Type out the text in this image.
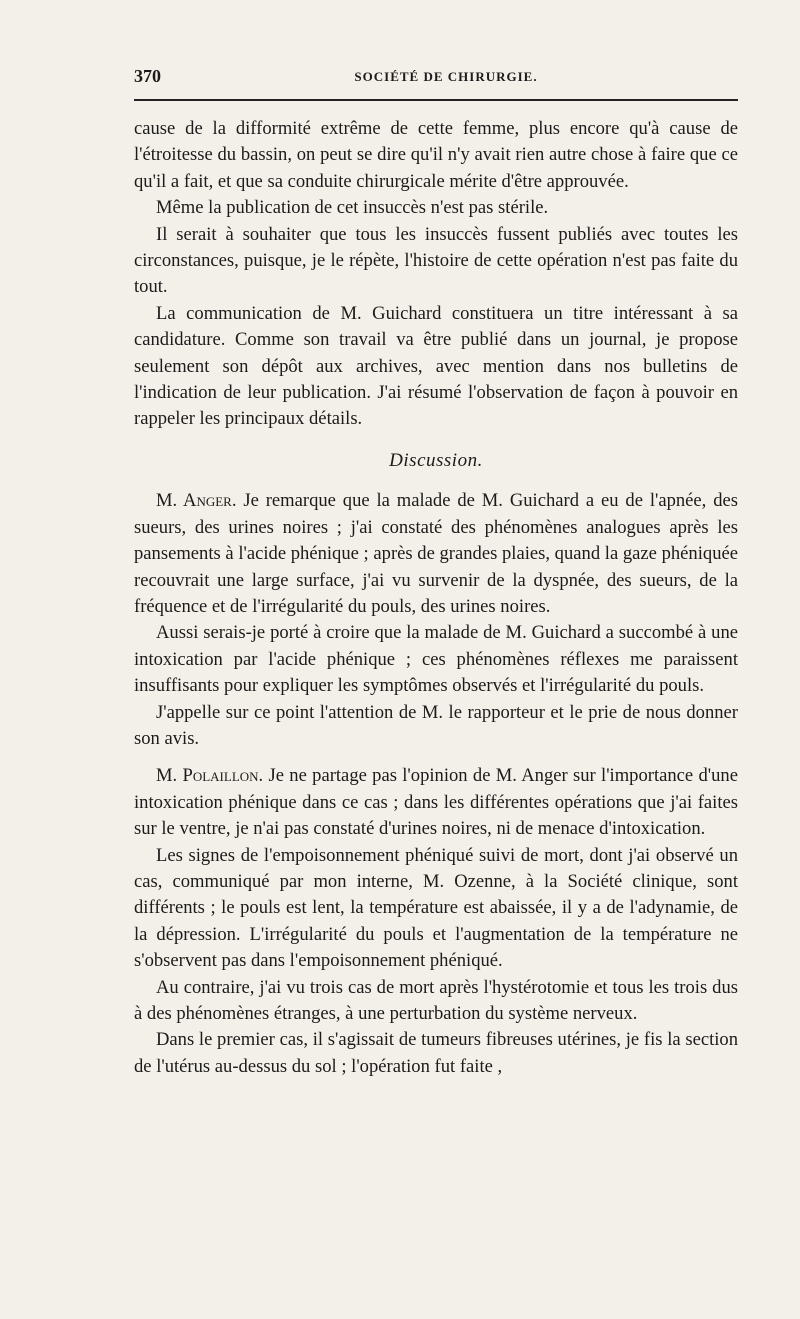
370	SOCIÉTÉ DE CHIRURGIE.

cause de la difformité extrême de cette femme, plus encore qu'à cause de l'étroitesse du bassin, on peut se dire qu'il n'y avait rien autre chose à faire que ce qu'il a fait, et que sa conduite chirurgicale mérite d'être approuvée.

Même la publication de cet insuccès n'est pas stérile.

Il serait à souhaiter que tous les insuccès fussent publiés avec toutes les circonstances, puisque, je le répète, l'histoire de cette opération n'est pas faite du tout.

La communication de M. Guichard constituera un titre intéressant à sa candidature. Comme son travail va être publié dans un journal, je propose seulement son dépôt aux archives, avec mention dans nos bulletins de l'indication de leur publication. J'ai résumé l'observation de façon à pouvoir en rappeler les principaux détails.

Discussion.

M. Anger. Je remarque que la malade de M. Guichard a eu de l'apnée, des sueurs, des urines noires ; j'ai constaté des phénomènes analogues après les pansements à l'acide phénique ; après de grandes plaies, quand la gaze phéniquée recouvrait une large surface, j'ai vu survenir de la dyspnée, des sueurs, de la fréquence et de l'irrégularité du pouls, des urines noires.

Aussi serais-je porté à croire que la malade de M. Guichard a succombé à une intoxication par l'acide phénique ; ces phénomènes réflexes me paraissent insuffisants pour expliquer les symptômes observés et l'irrégularité du pouls.

J'appelle sur ce point l'attention de M. le rapporteur et le prie de nous donner son avis.

M. Polaillon. Je ne partage pas l'opinion de M. Anger sur l'importance d'une intoxication phénique dans ce cas ; dans les différentes opérations que j'ai faites sur le ventre, je n'ai pas constaté d'urines noires, ni de menace d'intoxication.

Les signes de l'empoisonnement phéniqué suivi de mort, dont j'ai observé un cas, communiqué par mon interne, M. Ozenne, à la Société clinique, sont différents ; le pouls est lent, la température est abaissée, il y a de l'adynamie, de la dépression. L'irrégularité du pouls et l'augmentation de la température ne s'observent pas dans l'empoisonnement phéniqué.

Au contraire, j'ai vu trois cas de mort après l'hystérotomie et tous les trois dus à des phénomènes étranges, à une perturbation du système nerveux.

Dans le premier cas, il s'agissait de tumeurs fibreuses utérines, je fis la section de l'utérus au-dessus du sol ; l'opération fut faite ,
